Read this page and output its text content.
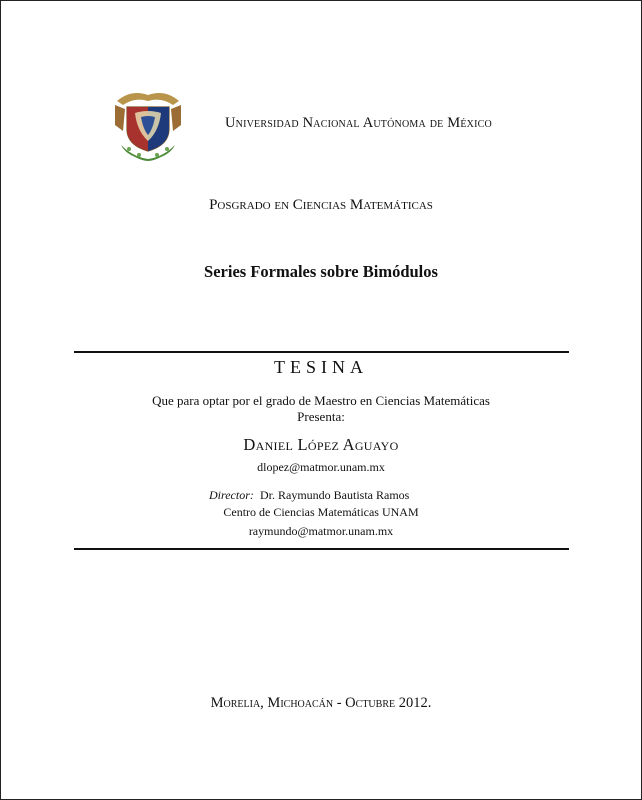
Universidad Nacional Autónoma de México
Posgrado en Ciencias Matemáticas
Series Formales sobre Bimódulos
TESINA
Que para optar por el grado de Maestro en Ciencias Matemáticas
Presenta:
Daniel López Aguayo
dlopez@matmor.unam.mx
Director: Dr. Raymundo Bautista Ramos
Centro de Ciencias Matemáticas UNAM
raymundo@matmor.unam.mx
Morelia, Michoacán - Octubre 2012.
